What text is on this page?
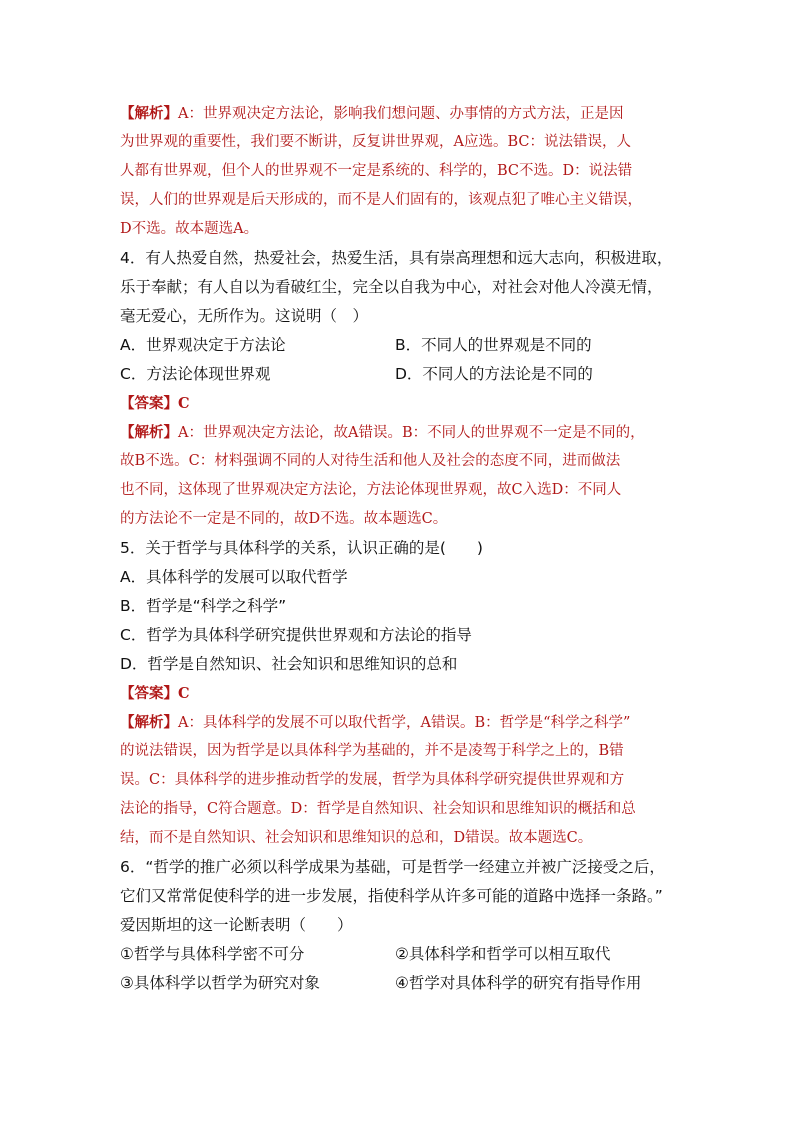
【解析】A：世界观决定方法论，影响我们想问题、办事情的方式方法，正是因
为世界观的重要性，我们要不断讲，反复讲世界观，A应选。BC：说法错误，人
人都有世界观，但个人的世界观不一定是系统的、科学的，BC不选。D：说法错
误，人们的世界观是后天形成的，而不是人们固有的，该观点犯了唯心主义错误，
D不选。故本题选A。
4．有人热爱自然，热爱社会，热爱生活，具有崇高理想和远大志向，积极进取，
乐于奉献；有人自以为看破红尘，完全以自我为中心，对社会对他人冷漠无情，
毫无爱心，无所作为。这说明（　）
A．世界观决定于方法论	B．不同人的世界观是不同的
C．方法论体现世界观	D．不同人的方法论是不同的
【答案】C
【解析】A：世界观决定方法论，故A错误。B：不同人的世界观不一定是不同的，
故B不选。C：材料强调不同的人对待生活和他人及社会的态度不同，进而做法
也不同，这体现了世界观决定方法论，方法论体现世界观，故C入选D：不同人
的方法论不一定是不同的，故D不选。故本题选C。
5．关于哲学与具体科学的关系，认识正确的是(　　)
A．具体科学的发展可以取代哲学
B．哲学是“科学之科学”
C．哲学为具体科学研究提供世界观和方法论的指导
D．哲学是自然知识、社会知识和思维知识的总和
【答案】C
【解析】A：具体科学的发展不可以取代哲学，A错误。B：哲学是“科学之科学”
的说法错误，因为哲学是以具体科学为基础的，并不是凌驾于科学之上的，B错
误。C：具体科学的进步推动哲学的发展，哲学为具体科学研究提供世界观和方
法论的指导，C符合题意。D：哲学是自然知识、社会知识和思维知识的概括和总
结，而不是自然知识、社会知识和思维知识的总和，D错误。故本题选C。
6．“哲学的推广必须以科学成果为基础，可是哲学一经建立并被广泛接受之后，
它们又常常促使科学的进一步发展，指使科学从许多可能的道路中选择一条路。”
爱因斯坦的这一论断表明（　　）
①哲学与具体科学密不可分	②具体科学和哲学可以相互取代
③具体科学以哲学为研究对象	④哲学对具体科学的研究有指导作用
